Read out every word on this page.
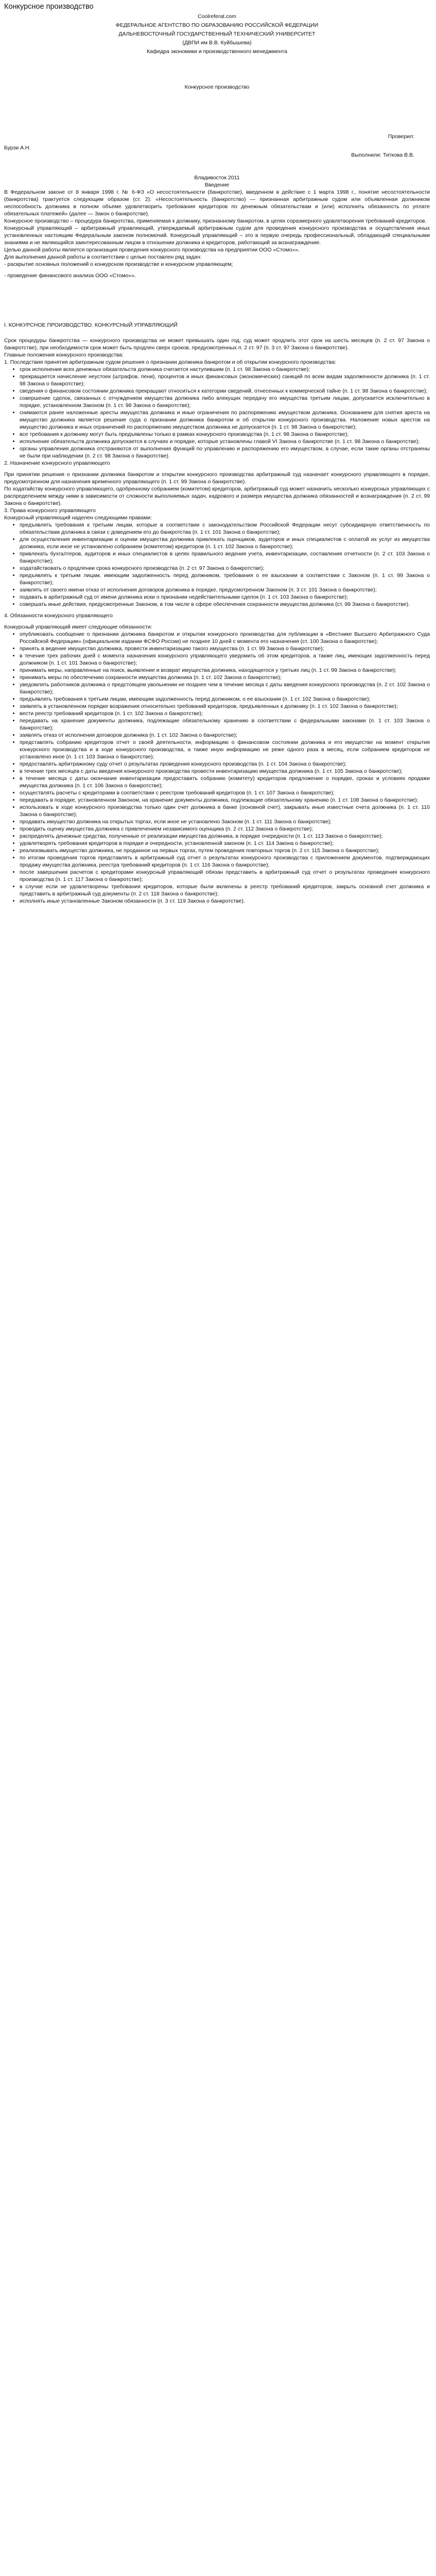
Конкурсное производство
Coolreferat.com

ФЕДЕРАЛЬНОЕ АГЕНТСТВО ПО ОБРАЗОВАНИЮ РОССИЙСКОЙ ФЕДЕРАЦИИ

ДАЛЬНЕВОСТОЧНЫЙ ГОСУДАРСТВЕННЫЙ ТЕХНИЧЕСКИЙ УНИВЕРСИТЕТ

(ДВПИ им В.В. Куйбышева)

Кафедра экономики и производственного менеджмента

Конкурсное производство

Проверил:

Бурзи А.Н.

Выполнили: Титкова В.В.

Владивосток 2011

Введение

В Федеральном законе от 8 января 1998 г. № 6-ФЗ «О несостоятельности (банкротстве), введенном в действие с 1 марта 1998 г., понятие несостоятельности (банкротства) трактуется следующим образом (ст. 2): «Несостоятельность (банкротство) — признанная арбитражным судом или объявленная должником неспособность должника в полном объеме удовлетворить требования кредиторов по денежным обязательствам и (или) исполнить обязанность по уплате обязательных платежей» (далее — Закон о банкротстве).

Конкурсное производство – процедура банкротства, применяемая к должнику, признанному банкротом, в целях соразмерного удовлетворения требований кредиторов.

Конкурсный управляющий – арбитражный управляющий, утверждаемый арбитражным судом для проведения конкурсного производства и осуществления иных установленных настоящим Федеральным законом полномочий. Конкурсный управляющий – это в первую очередь профессиональный, обладающий специальными знаниями и не являющийся заинтересованным лицом в отношении должника и кредиторов, работающий за вознаграждение.

Целью данной работы является организация проведения конкурсного производства на предприятии ООО «Стомо»».

Для выполнения данной работы в соответствии с целью поставлен ряд задач:

- раскрытие основных положений о конкурсном производстве и конкурсном управляющем;

- проведение финансового анализа ООО «Стомо»».

I. КОНКУРСНОЕ ПРОИЗВОДСТВО. КОНКУРСНЫЙ УПРАВЛЯЮЩИЙ

Срок процедуры банкротства — конкурсного производства не может превышать один год; суд может продлить этот срок на шесть месяцев (п. 2 ст. 97 Закона о банкротстве), при необходимости срок может быть продлен сверх сроков, предусмотренных п. 2 ст. 97 (п. 3 ст. 97 Закона о банкротстве).

Главные положения конкурсного производства:

1. Последствия принятия арбитражным судом решения о признании должника банкротом и об открытии конкурсного производства:

• срок исполнения всех денежных обязательств должника считается наступившим (п. 1 ст. 98 Закона о банкротстве);
• прекращается начисление неустоек (штрафов, пени), процентов и иных финансовых (экономических) санкций по всем видам задолженности должника (п. 1 ст. 98 Закона о банкротстве);
• сведения о финансовом состоянии должника прекращают относиться к категории сведений, отнесенных к коммерческой тайне (п. 1 ст. 98 Закона о банкротстве);
• совершение сделок, связанных с отчуждением имущества должника либо влекущих передачу его имущества третьим лицам, допускается исключительно в порядке, установленном Законом (п. 1 ст. 98 Закона о банкротстве);
• снимаются ранее наложенные аресты имущества должника и иные ограничения по распоряжению имуществом должника. Основанием для снятия ареста на имущество должника является решение суда о признании должника банкротом и об открытии конкурсного производства. Наложение новых арестов на имущество должника и иных ограничений по распоряжению имуществом должника не допускается (п. 1 ст. 98 Закона о банкротстве);
• все требования к должнику могут быть предъявлены только в рамках конкурсного производства (п. 1 ст. 98 Закона о банкротстве);
• исполнение обязательств должника допускается в случаях и порядке, которые установлены главой VI Закона о банкротстве (п. 1 ст. 98 Закона о банкротстве);
• органы управления должника отстраняются от выполнения функций по управлению и распоряжению его имуществом, в случае, если такие органы отстранены не были при наблюдении (п. 2 ст. 98 Закона о банкротстве).

2. Назначение конкурсного управляющего

При принятии решения о признании должника банкротом и открытии конкурсного производства арбитражный суд назначает конкурсного управляющего в порядке, предусмотренном для назначения временного управляющего (п. 1 ст. 99 Закона о банкротстве).

По ходатайству конкурсного управляющего, одобренному собранием (комитетом) кредиторов, арбитражный суд может назначить несколько конкурсных управляющих с распределением между ними в зависимости от сложности выполняемых задач, кадрового и размера имущества должника обязанностей и вознаграждения (п. 2 ст. 99 Закона о банкротстве).

3. Права конкурсного управляющего

Конкурсный управляющий наделен следующими правами:

• предъявлять требования к третьим лицам, которые в соответствии с законодательством Российской Федерации несут субсидиарную ответственность по обязательствам должника в связи с доведением его до банкротства (п. 1 ст. 101 Закона о банкротстве);
• для осуществления инвентаризации и оценки имущества должника привлекать оценщиков, аудиторов и иных специалистов с оплатой их услуг из имущества должника, если иное не установлено собранием (комитетом) кредиторов (п. 1 ст. 102 Закона о банкротстве);
• привлекать бухгалтеров, аудиторов и иных специалистов в целях правильного ведения учета, инвентаризации, составления отчетности (п. 2 ст. 103 Закона о банкротстве);
• ходатайствовать о продлении срока конкурсного производства (п. 2 ст. 97 Закона о банкротстве);
• предъявлять к третьим лицам, имеющим задолженность перед должником, требования о ее взыскании в соответствии с Законом (п. 1 ст. 99 Закона о банкротстве);
• заявлять от своего имени отказ от исполнения договоров должника в порядке, предусмотренном Законом (п. 3 ст. 101 Закона о банкротстве);
• подавать в арбитражный суд от имени должника иски о признании недействительными сделок (п. 1 ст. 103 Закона о банкротстве);
• совершать иные действия, предусмотренные Законом, в том числе в сфере обеспечения сохранности имущества должника (ст. 99 Закона о банкротстве).

4. Обязанности конкурсного управляющего

Конкурсный управляющий имеет следующие обязанности:

• опубликовать сообщение о признании должника банкротом и открытии конкурсного производства для публикации в «Вестнике Высшего Арбитражного Суда Российской Федерации» (официальном издании ФСФО России) не позднее 10 дней с момента его назначения (ст. 100 Закона о банкротстве);
• принять в ведение имущество должника, провести инвентаризацию такого имущества (п. 1 ст. 99 Закона о банкротстве);
• в течение трех рабочих дней с момента назначения конкурсного управляющего уведомить об этом кредиторов, а также лиц, имеющих задолженность перед должником (п. 1 ст. 101 Закона о банкротстве);
• принимать меры, направленные на поиск, выявление и возврат имущества должника, находящегося у третьих лиц (п. 1 ст. 99 Закона о банкротстве);
• принимать меры по обеспечению сохранности имущества должника (п. 1 ст. 102 Закона о банкротстве);
• уведомлять работников должника о предстоящем увольнении не позднее чем в течение месяца с даты введения конкурсного производства (п. 2 ст. 102 Закона о банкротстве);
• предъявлять требования к третьим лицам, имеющим задолженность перед должником, о ее взыскании (п. 1 ст. 102 Закона о банкротстве);
• заявлять в установленном порядке возражения относительно требований кредиторов, предъявленных к должнику (п. 1 ст. 102 Закона о банкротстве);
• вести реестр требований кредиторов (п. 1 ст. 102 Закона о банкротстве);
• передавать на хранение документы должника, подлежащие обязательному хранению в соответствии с федеральными законами (п. 1 ст. 103 Закона о банкротстве);
• заявлять отказ от исполнения договоров должника (п. 1 ст. 102 Закона о банкротстве);
• представлять собранию кредиторов отчет о своей деятельности, информацию о финансовом состоянии должника и его имуществе на момент открытия конкурсного производства и в ходе конкурсного производства, а также иную информацию не реже одного раза в месяц, если собранием кредиторов не установлено иное (п. 1 ст. 103 Закона о банкротстве);
• предоставлять арбитражному суду отчет о результатах проведения конкурсного производства (п. 1 ст. 104 Закона о банкротстве);
• в течение трех месяцев с даты введения конкурсного производства провести инвентаризацию имущества должника (п. 1 ст. 105 Закона о банкротстве);
• в течение месяца с даты окончания инвентаризации предоставить собранию (комитету) кредиторов предложение о порядке, сроках и условиях продажи имущества должника (п. 1 ст. 106 Закона о банкротстве);
• осуществлять расчеты с кредиторами в соответствии с реестром требований кредиторов (п. 1 ст. 107 Закона о банкротстве);
• передавать в порядке, установленном Законом, на хранение документы должника, подлежащие обязательному хранению (п. 1 ст. 108 Закона о банкротстве);
• использовать в ходе конкурсного производства только один счет должника в банке (основной счет), закрывать иные известные счета должника (п. 1 ст. 110 Закона о банкротстве);
• продавать имущество должника на открытых торгах, если иное не установлено Законом (п. 1 ст. 111 Закона о банкротстве);
• проводить оценку имущества должника с привлечением независимого оценщика (п. 2 ст. 112 Закона о банкротстве);
• распределять денежные средства, полученные от реализации имущества должника, в порядке очередности (п. 1 ст. 113 Закона о банкротстве);
• удовлетворять требования кредиторов в порядке и очередности, установленной законом (п. 1 ст. 114 Закона о банкротстве);
• реализовывать имущество должника, не проданное на первых торгах, путем проведения повторных торгов (п. 2 ст. 115 Закона о банкротстве);
• по итогам проведения торгов представлять в арбитражный суд отчет о результатах конкурсного производства с приложением документов, подтверждающих продажу имущества должника, реестра требований кредиторов (п. 1 ст. 116 Закона о банкротстве);
• после завершения расчетов с кредиторами конкурсный управляющий обязан представить в арбитражный суд отчет о результатах проведения конкурсного производства (п. 1 ст. 117 Закона о банкротстве);
• в случае если не удовлетворены требования кредиторов, которые были включены в реестр требований кредиторов, закрыть основной счет должника и представить в арбитражный суд документы (п. 2 ст. 118 Закона о банкротстве);
• исполнять иные установленные Законом обязанности (п. 3 ст. 119 Закона о банкротстве).
